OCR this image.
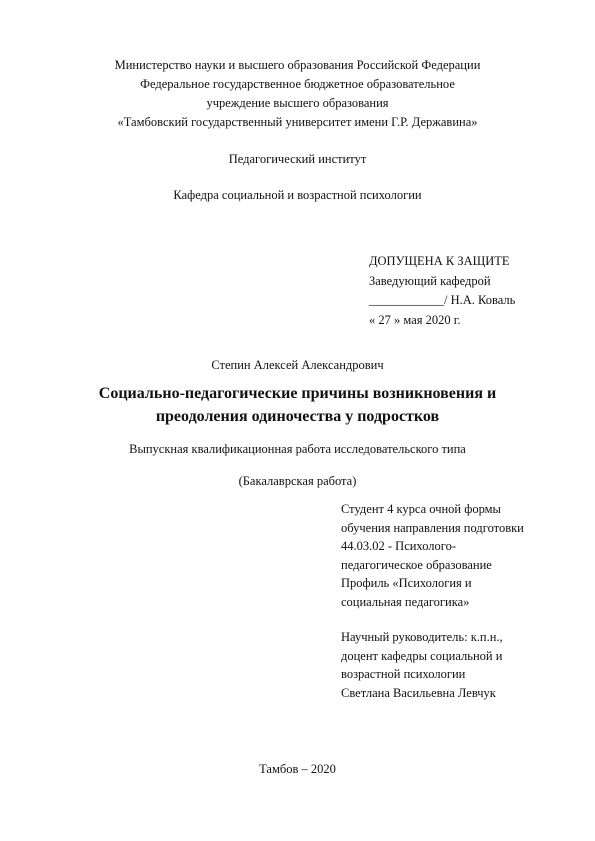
Министерство науки и высшего образования Российской Федерации
Федеральное государственное бюджетное образовательное
учреждение высшего образования
«Тамбовский государственный университет имени Г.Р. Державина»
Педагогический институт
Кафедра социальной и возрастной психологии
ДОПУЩЕНА К ЗАЩИТЕ
Заведующий кафедрой
____________/ Н.А. Коваль
« 27 » мая 2020 г.
Степин Алексей Александрович
Социально-педагогические причины возникновения и
преодоления одиночества у подростков
Выпускная квалификационная работа исследовательского типа
(Бакалаврская работа)
Студент 4 курса очной формы
обучения направления подготовки
44.03.02 - Психолого-
педагогическое образование
Профиль «Психология и
социальная педагогика»
Научный руководитель: к.п.н.,
доцент кафедры социальной и
возрастной психологии
Светлана Васильевна Левчук
Тамбов – 2020
